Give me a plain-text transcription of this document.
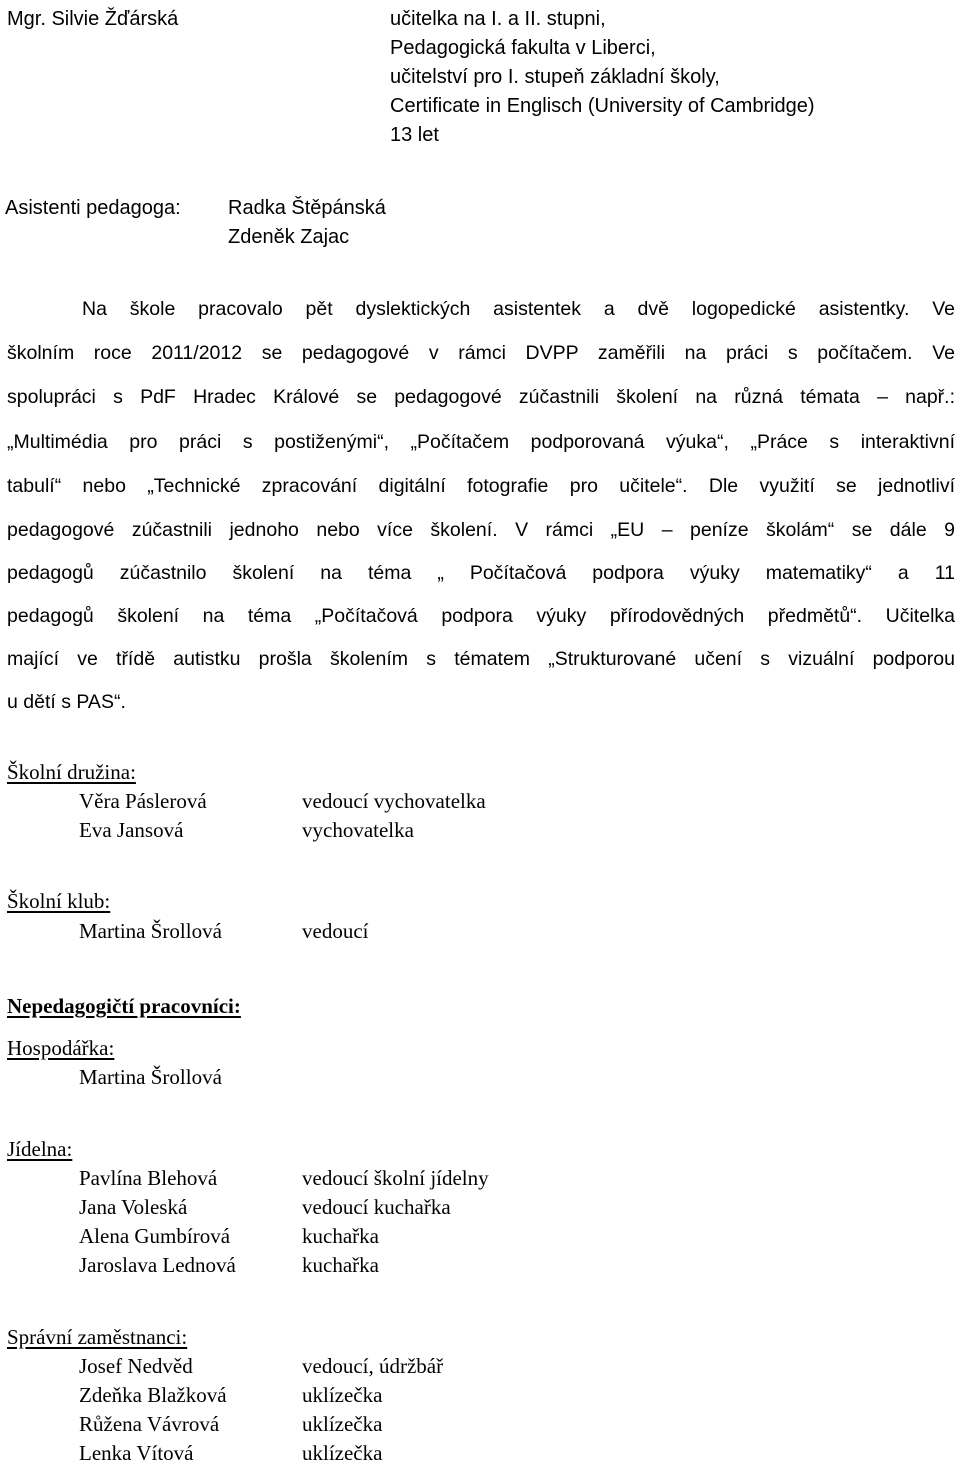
Mgr. Silvie Žďárská	učitelka na I. a II. stupni,
Pedagogická fakulta v Liberci,
učitelství pro I. stupeň základní školy,
Certificate in Englisch (University of Cambridge)
13 let
Asistenti pedagoga: Radka Štěpánská
Zdeněk Zajac
Na škole pracovalo pět dyslektických asistentek a dvě logopedické asistentky. Ve
školním roce 2011/2012 se pedagogové v rámci DVPP zaměřili na práci s počítačem. Ve
spolupráci s PdF Hradec Králové se pedagogové zúčastnili školení na různá témata – např.:
„Multimédia pro práci s postiženými“, „Počítačem podporovaná výuka“, „Práce s interaktivní
tabulí“ nebo „Technické zpracování digitální fotografie pro učitele“. Dle využití se jednotliví
pedagogové zúčastnili jednoho nebo více školení. V rámci „EU – peníze školám“ se dále 9
pedagogů zúčastnilo školení na téma „ Počítačová podpora výuky matematiky“ a 11
pedagogů školení na téma „Počítačová podpora výuky přírodovědných předmětů“. Učitelka
mající ve třídě autistku prošla školením s tématem „Strukturované učení s vizuální podporou
u dětí s PAS“.
Školní družina:
Věra Páslerová
Eva Jansová
vedoucí vychovatelka
vychovatelka
Školní klub:
Martina Šrollová	vedoucí
Nepedagogičtí pracovníci:
Hospodářka:
Martina Šrollová
Jídelna:
Pavlína Blehová
Jana Voleská
Alena Gumbírová
Jaroslava Lednová
vedoucí školní jídelny
vedoucí kuchařka
kuchařka
kuchařka
Správní zaměstnanci:
Josef Nedvěd
Zdeňka Blažková
Růžena Vávrová
Lenka Vítová
vedoucí, údržbář
uklízečka
uklízečka
uklízečka
